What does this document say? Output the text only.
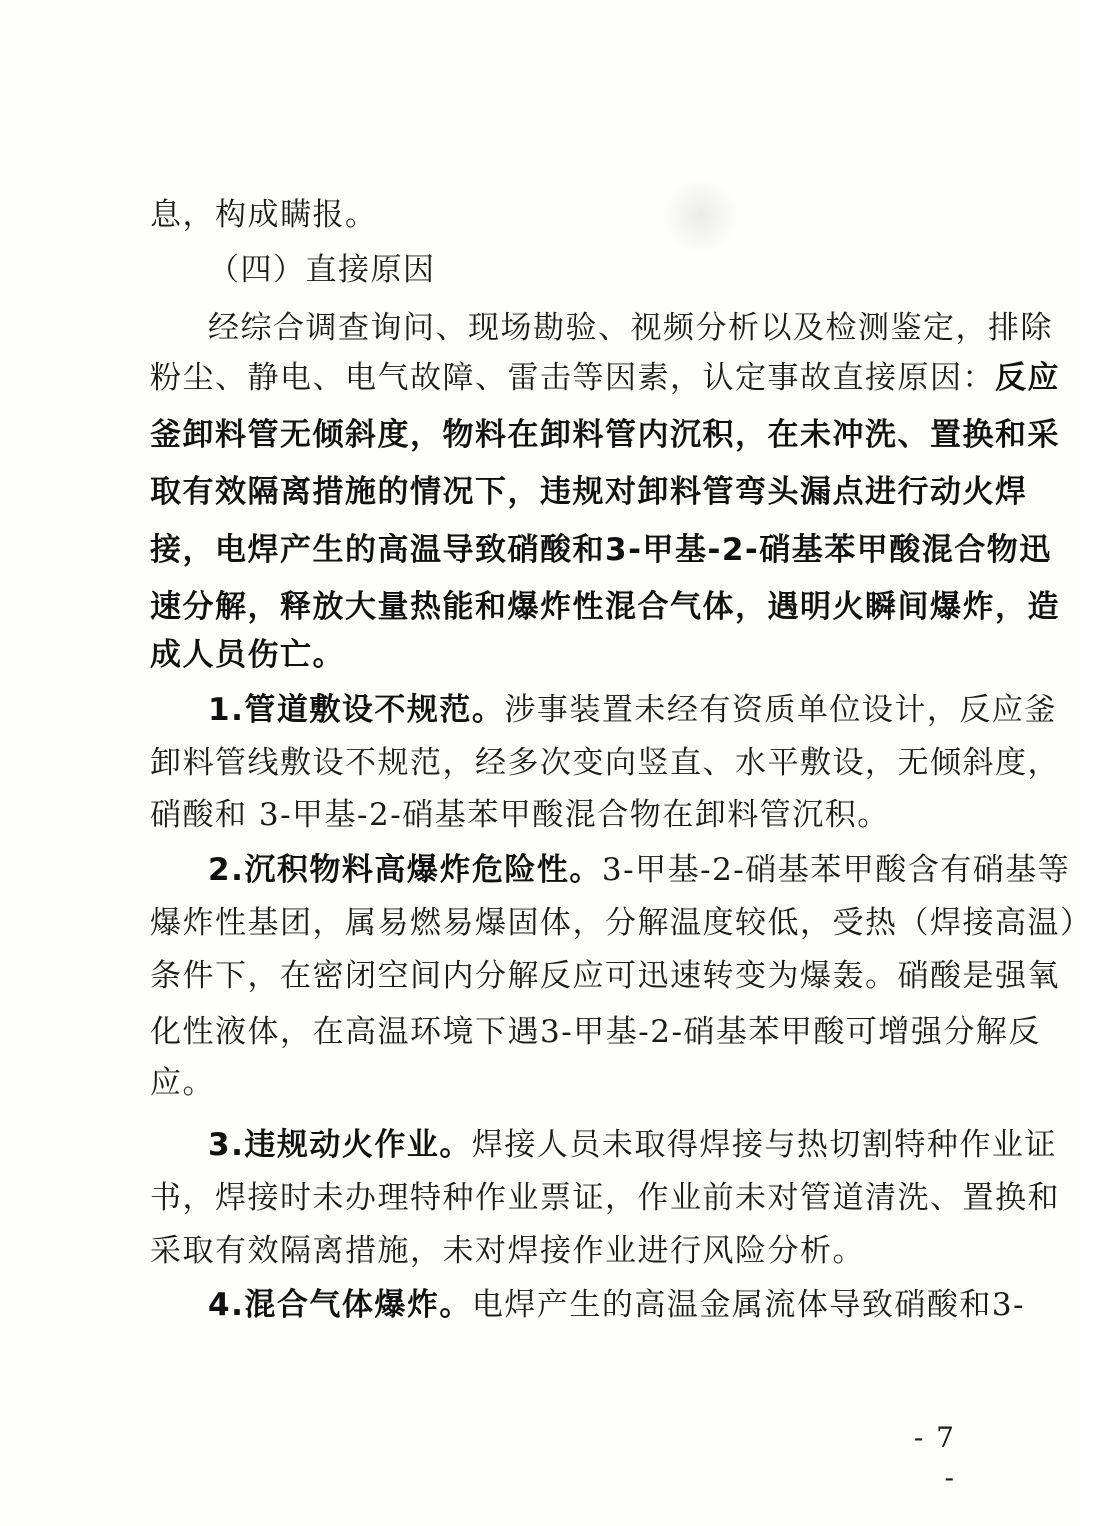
息，构成瞒报。
（四）直接原因
经 综 合 调 查 询 问 、 现 场 勘 验 、 视 频 分 析 以 及 检 测 鉴 定 ， 排 除
粉 尘 、 静 电 、 电 气 故 障 、 雷 击 等 因 素 ， 认 定 事 故 直 接 原 因 ： 反 应
釜 卸 料 管 无 倾 斜 度 ， 物 料 在 卸 料 管 内 沉 积 ， 在 未 冲 洗 、 置 换 和 采
取 有 效 隔 离 措 施 的 情 况 下 ， 违 规 对 卸 料 管 弯 头 漏 点 进 行 动 火 焊
接 ， 电 焊 产 生 的 高 温 导 致 硝 酸 和 3 - 甲 基 - 2 - 硝 基 苯 甲 酸 混 合 物 迅
速 分 解 ， 释 放 大 量 热 能 和 爆 炸 性 混 合 气 体 ， 遇 明 火 瞬 间 爆 炸 ， 造
成人员伤亡。
1 . 管 道 敷 设 不 规 范 。 涉 事 装 置 未 经 有 资 质 单 位 设 计 ， 反 应 釜
卸 料 管 线 敷 设 不 规 范 ， 经 多 次 变 向 竖 直 、 水 平 敷 设 ， 无 倾 斜 度 ，
硝酸和 3-甲基-2-硝基苯甲酸混合物在卸料管沉积。
2 . 沉 积 物 料 高 爆 炸 危 险 性 。 3 - 甲 基 - 2 - 硝 基 苯 甲 酸 含 有 硝 基 等
爆 炸 性 基 团 ， 属 易 燃 易 爆 固 体 ， 分 解 温 度 较 低 ， 受 热 （ 焊 接 高 温 ）
条 件 下 ， 在 密 闭 空 间 内 分 解 反 应 可 迅 速 转 变 为 爆 轰 。 硝 酸 是 强 氧
化 性 液 体 ， 在 高 温 环 境 下 遇 3 - 甲 基 - 2 - 硝 基 苯 甲 酸 可 增 强 分 解 反
应。
3 . 违 规 动 火 作 业 。 焊 接 人 员 未 取 得 焊 接 与 热 切 割 特 种 作 业 证
书 ， 焊 接 时 未 办 理 特 种 作 业 票 证 ， 作 业 前 未 对 管 道 清 洗 、 置 换 和
采取有效隔离措施，未对焊接作业进行风险分析。
4 . 混 合 气 体 爆 炸 。 电 焊 产 生 的 高 温 金 属 流 体 导 致 硝 酸 和 3 -
- 7 -
